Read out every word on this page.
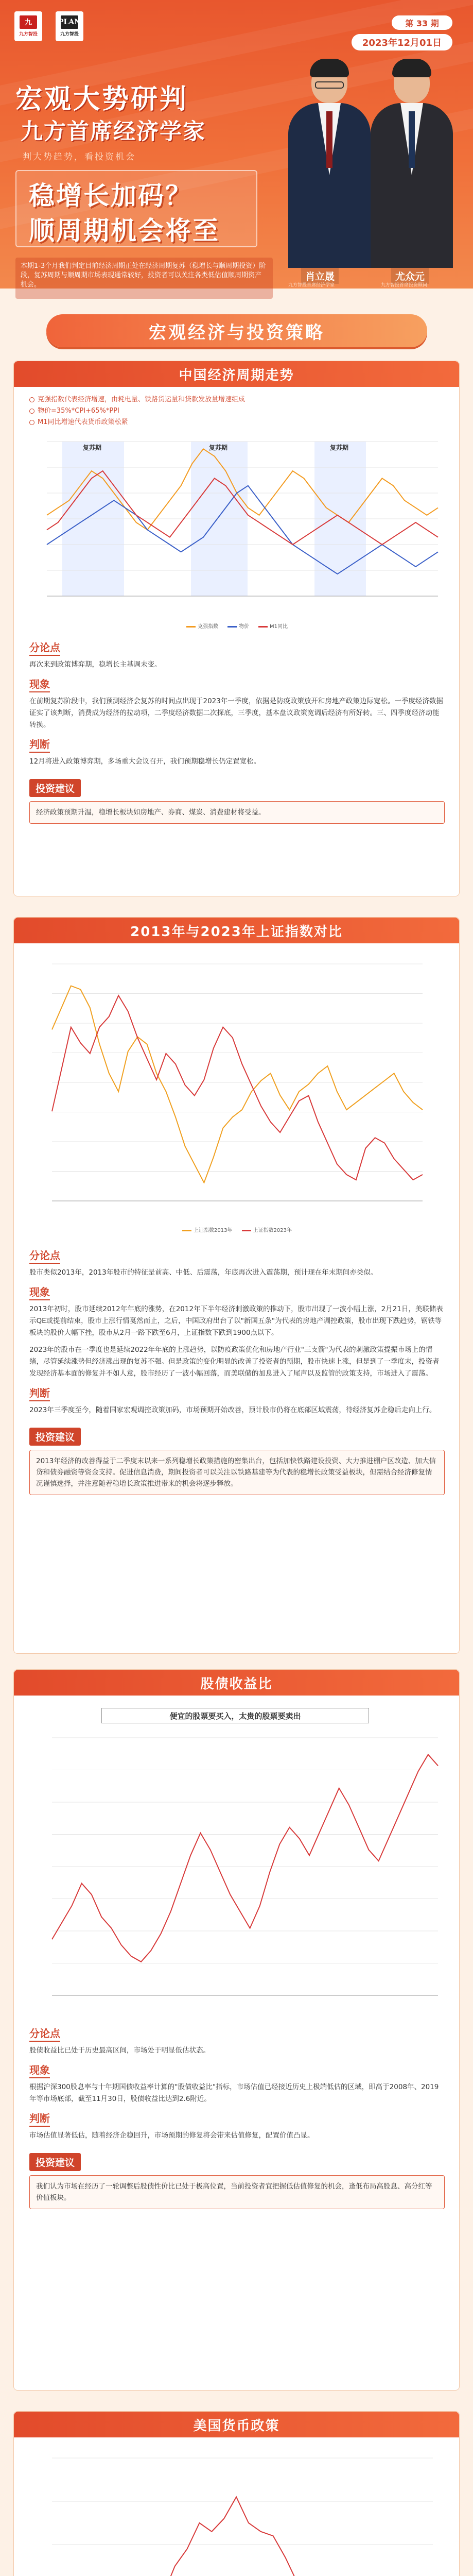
九
九方智投
PLAN
九方智投
第 33 期
2023年12月01日
宏观大势研判
九方首席经济学家
判大势趋势，看投资机会
稳增长加码？
顺周期机会将至
本期1-3个月我们判定目前经济周期正处在经济周期复苏（稳增长与顺周期投资）阶段，复苏周期与顺周期市场表现通常较好，投资者可以关注各类低估值顺周期资产机会。
肖立晟
九方智投首席经济学家
尤众元
九方智投首席投资顾问
宏观经济与投资策略
中国经济周期走势
克强指数代表经济增速，由耗电量、铁路货运量和贷款发放量增速组成
物价=35%*CPI+65%*PPI
M1同比增速代表货币政策松紧
复苏期	复苏期	复苏期
克强指数	物价	M1同比
分论点
再次来到政策博弈期，稳增长主基调未变。
现象
在前期复苏阶段中，我们预测经济会复苏的时间点出现于2023年一季度，依据是防疫政策放开和房地产政策边际宽松。一季度经济数据证实了该判断，消费成为经济的拉动项，二季度经济数据二次探底，三季度，基本盘议政策宽调后经济有所好转。三、四季度经济动能转换。
判断
12月将进入政策博弈期，多场重大会议召开，我们预期稳增长仍定置宽松。
投资建议
经济政策预期升温，稳增长板块如房地产、券商、煤炭、消费建材将受益。
2013年与2023年上证指数对比
上证指数2013年	上证指数2023年
分论点
股市类似2013年，2013年股市的特征是前高、中低、后震荡，年底再次进入震荡期，预计现在年末期间亦类似。
现象
2013年初时，股市延续2012年年底的涨势，在2012年下半年经济刺激政策的推动下，股市出现了一波小幅上涨，2月21日，美联储表示QE或提前结束，股市上涨行情戛然而止，之后，中国政府出台了以"新国五条"为代表的房地产调控政策，股市出现下跌趋势，钢铁等板块的股价大幅下挫，股市从2月一路下跌至6月，上证指数下跌到1900点以下。
2023年的股市在一季度也是延续2022年年底的上涨趋势，以防疫政策优化和房地产行业"三支箭"为代表的刺激政策提振市场上的情绪，尽管延续涨势但经济涨出现的复苏不强。但是政策的变化明显的改善了投资者的预期，股市快速上涨，但是到了一季度末，投资者发现经济基本面的修复并不如人意，股市经历了一波小幅回落，而美联储的加息进入了尾声以及监管的政策支持，市场进入了震荡。
判断
2023年三季度至今，随着国家宏观调控政策加码，市场预期开始改善，预计股市仍将在底部区域震荡，待经济复苏企稳后走向上行。
投资建议
2013年经济的改善得益于二季度末以来一系列稳增长政策措施的密集出台，包括加快铁路建设投资、大力推进棚户区改造、加大信贷和债券融资等资金支持。促进信息消费，期间投资者可以关注以铁路基建等为代表的稳增长政策受益板块，但需结合经济修复情况谨慎选择，并注意随着稳增长政策推进带来的机会将逐步释放。
股债收益比
便宜的股票要买入，太贵的股票要卖出
分论点
股债收益比已处于历史最高区间，市场处于明显低估状态。
现象
根据沪深300股息率与十年期国债收益率计算的"股债收益比"指标，市场估值已经接近历史上极端低估的区域，即高于2008年、2019年等市场底部，截至11月30日，股债收益比达到2.6附近。
判断
市场估值显著低估，随着经济企稳回升，市场预期的修复将会带来估值修复，配置价值凸显。
投资建议
我们认为市场在经历了一轮调整后股债性价比已处于极高位置，当前投资者宜把握低估值修复的机会，逢低布局高股息、高分红等价值板块。
美国货币政策
